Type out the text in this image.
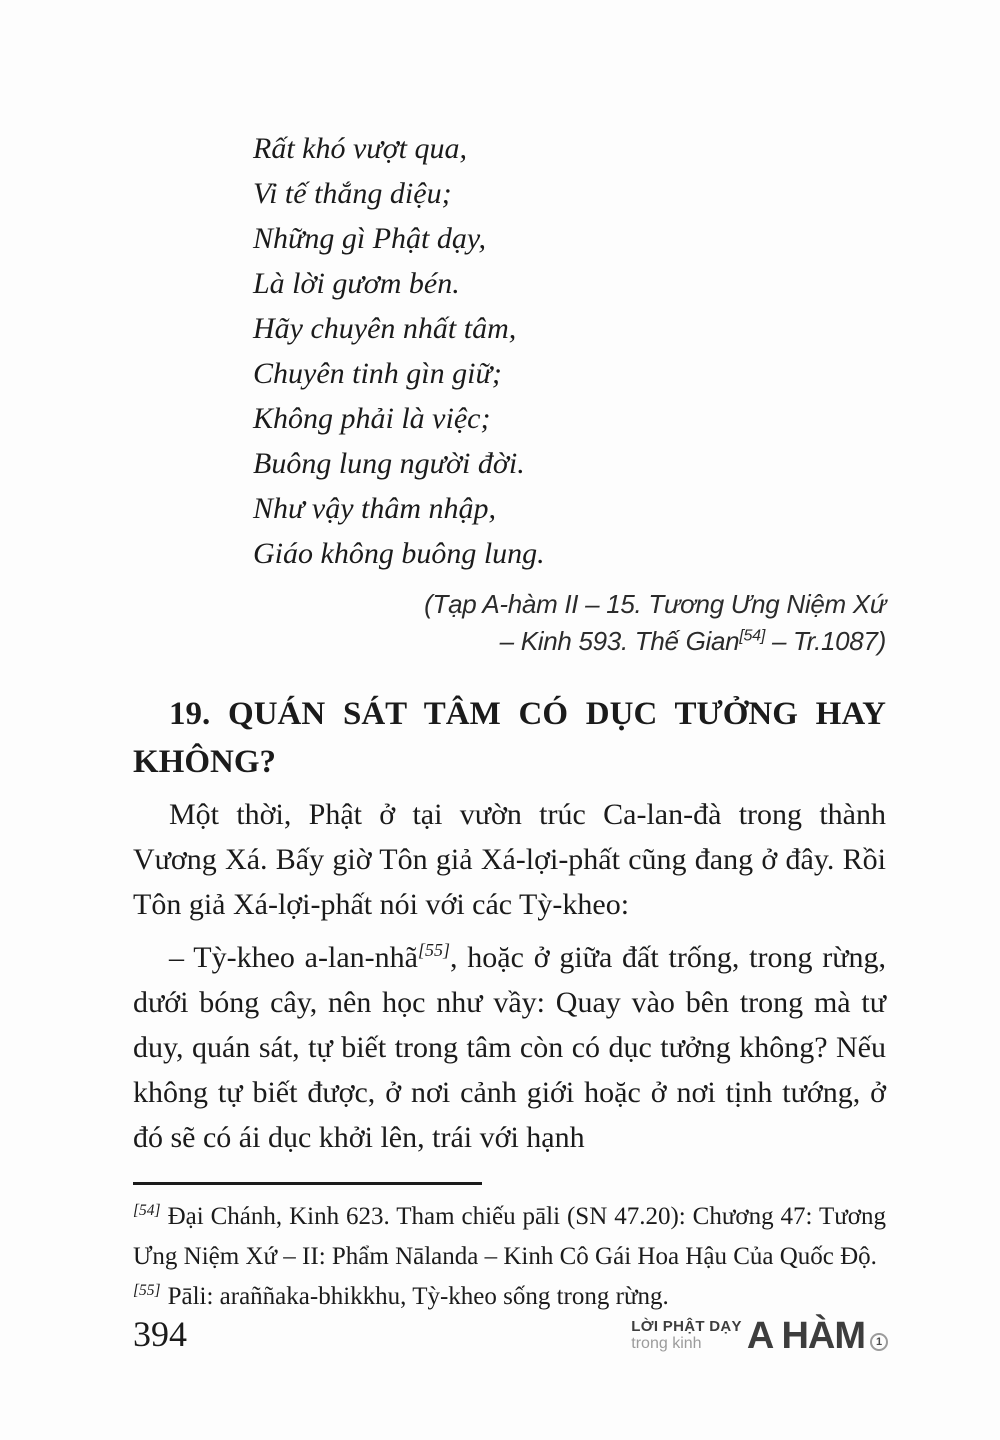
Rất khó vượt qua,
Vi tế thắng diệu;
Những gì Phật dạy,
Là lời gươm bén.
Hãy chuyên nhất tâm,
Chuyên tinh gìn giữ;
Không phải là việc;
Buông lung người đời.
Như vậy thâm nhập,
Giáo không buông lung.
(Tạp A-hàm II – 15. Tương Ưng Niệm Xứ
– Kinh 593. Thế Gian[54] – Tr.1087)
19. QUÁN SÁT TÂM CÓ DỤC TƯỞNG HAY
KHÔNG?

Một thời, Phật ở tại vườn trúc Ca-lan-đà trong thành Vương Xá. Bấy giờ Tôn giả Xá-lợi-phất cũng đang ở đây. Rồi Tôn giả Xá-lợi-phất nói với các Tỳ-kheo:

– Tỳ-kheo a-lan-nhã[55], hoặc ở giữa đất trống, trong rừng, dưới bóng cây, nên học như vầy: Quay vào bên trong mà tư duy, quán sát, tự biết trong tâm còn có dục tưởng không? Nếu không tự biết được, ở nơi cảnh giới hoặc ở nơi tịnh tướng, ở đó sẽ có ái dục khởi lên, trái với hạnh

[54] Đại Chánh, Kinh 623. Tham chiếu pāli (SN 47.20): Chương 47: Tương Ưng Niệm Xứ – II: Phẩm Nālanda – Kinh Cô Gái Hoa Hậu Của Quốc Độ.
[55] Pāli: araññaka-bhikkhu, Tỳ-kheo sống trong rừng.
394	LỜI PHẬT DẠY
trong kinh A HÀM 1
